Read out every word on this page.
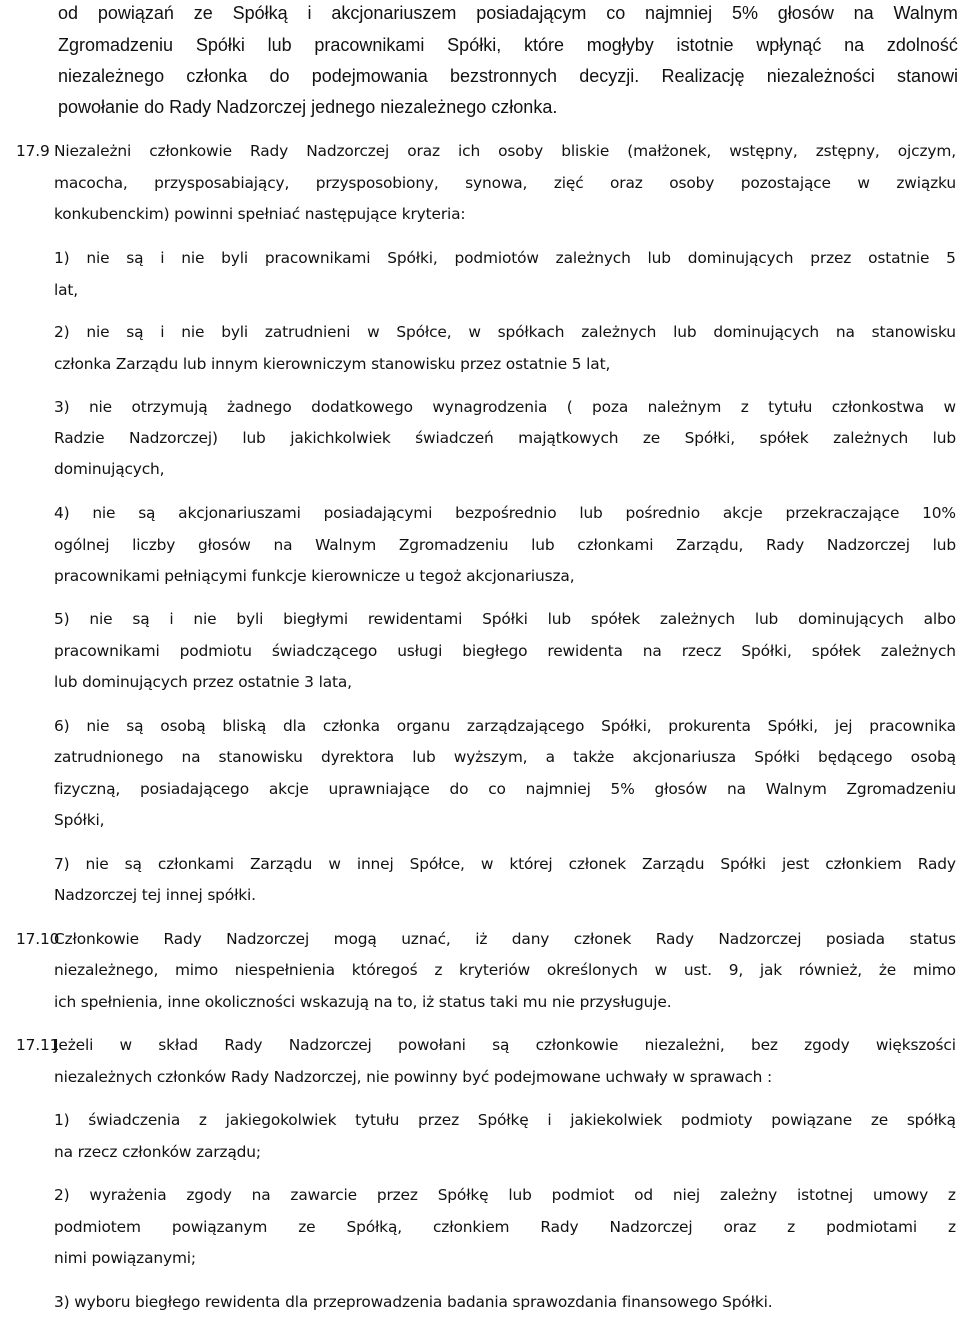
od powiązań ze Spółką i akcjonariuszem posiadającym co najmniej 5% głosów na Walnym
Zgromadzeniu Spółki lub pracownikami Spółki, które mogłyby istotnie wpłynąć na zdolność
niezależnego członka do podejmowania bezstronnych decyzji. Realizację niezależności stanowi
powołanie do Rady Nadzorczej jednego niezależnego członka.
17.9 Niezależni członkowie Rady Nadzorczej oraz ich osoby bliskie (małżonek, wstępny, zstępny, ojczym,
macocha, przysposabiający, przysposobiony, synowa, zięć oraz osoby pozostające w związku
konkubenckim) powinni spełniać następujące kryteria:
1) nie są i nie byli pracownikami Spółki, podmiotów zależnych lub dominujących przez ostatnie 5
lat,
2) nie są i nie byli zatrudnieni w Spółce, w spółkach zależnych lub dominujących na stanowisku
członka Zarządu lub innym kierowniczym stanowisku przez ostatnie 5 lat,
3) nie otrzymują żadnego dodatkowego wynagrodzenia ( poza należnym z tytułu członkostwa w
Radzie Nadzorczej) lub jakichkolwiek świadczeń majątkowych ze Spółki, spółek zależnych lub
dominujących,
4) nie są akcjonariuszami posiadającymi bezpośrednio lub pośrednio akcje przekraczające 10%
ogólnej liczby głosów na Walnym Zgromadzeniu lub członkami Zarządu, Rady Nadzorczej lub
pracownikami pełniącymi funkcje kierownicze u tegoż akcjonariusza,
5) nie są i nie byli biegłymi rewidentami Spółki lub spółek zależnych lub dominujących albo
pracownikami podmiotu świadczącego usługi biegłego rewidenta na rzecz Spółki, spółek zależnych
lub dominujących przez ostatnie 3 lata,
6) nie są osobą bliską dla członka organu zarządzającego Spółki, prokurenta Spółki, jej pracownika
zatrudnionego na stanowisku dyrektora lub wyższym, a także akcjonariusza Spółki będącego osobą
fizyczną, posiadającego akcje uprawniające do co najmniej 5% głosów na Walnym Zgromadzeniu
Spółki,
7) nie są członkami Zarządu w innej Spółce, w której członek Zarządu Spółki jest członkiem Rady
Nadzorczej tej innej spółki.
17.10
Członkowie Rady Nadzorczej mogą uznać, iż dany członek Rady Nadzorczej posiada status
niezależnego, mimo niespełnienia któregoś z kryteriów określonych w ust. 9, jak również, że mimo
ich spełnienia, inne okoliczności wskazują na to, iż status taki mu nie przysługuje.
17.11
Jeżeli w skład Rady Nadzorczej powołani są członkowie niezależni, bez zgody większości
niezależnych członków Rady Nadzorczej, nie powinny być podejmowane uchwały w sprawach :
1) świadczenia z jakiegokolwiek tytułu przez Spółkę i jakiekolwiek podmioty powiązane ze spółką
na rzecz członków zarządu;
2) wyrażenia zgody na zawarcie przez Spółkę lub podmiot od niej zależny istotnej umowy z
podmiotem powiązanym ze Spółką, członkiem Rady Nadzorczej oraz z podmiotami z
nimi powiązanymi;
3) wyboru biegłego rewidenta dla przeprowadzenia badania sprawozdania finansowego Spółki.
